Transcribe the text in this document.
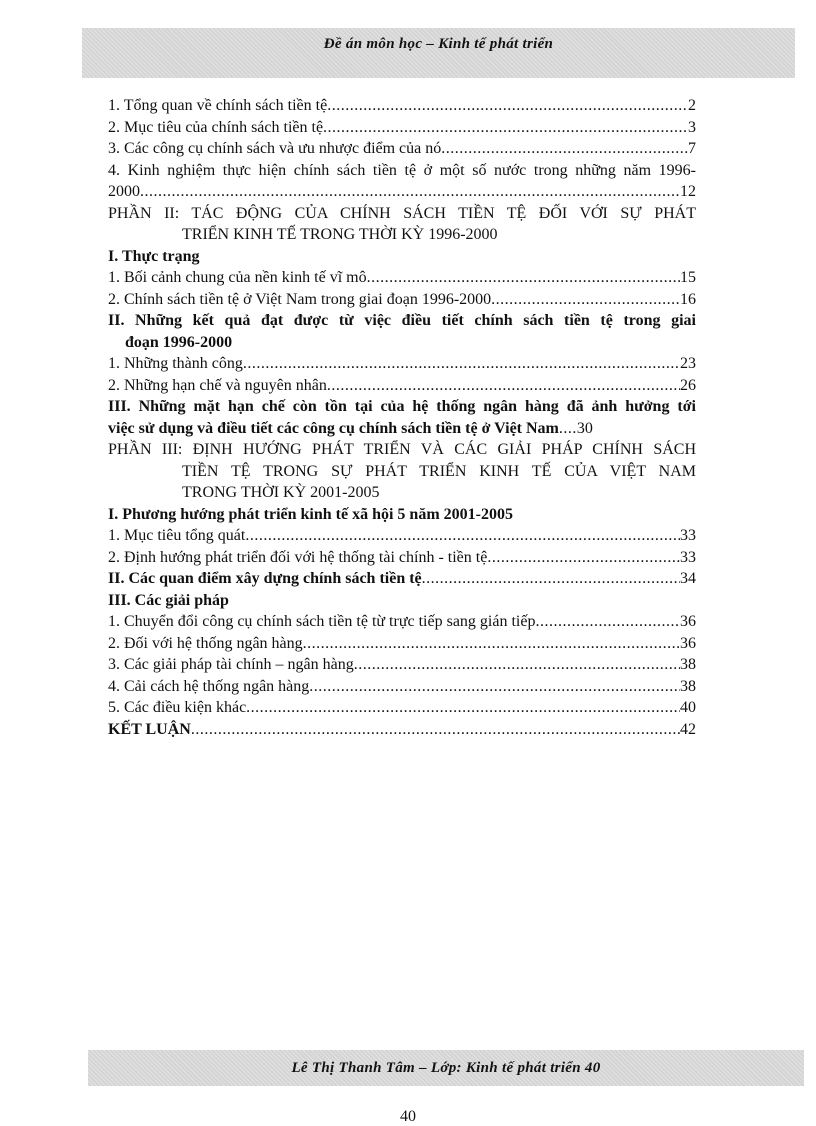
Đề án môn học – Kinh tế phát triển
1. Tổng quan về chính sách tiền tệ .....	2
2. Mục tiêu của chính sách tiền tệ .....	3
3. Các công cụ chính sách và ưu nhược điểm của nó .....	7
4. Kinh nghiệm thực hiện chính sách tiền tệ ở một số nước trong những năm 1996-
2000 .....	12
PHẦN II: TÁC ĐỘNG CỦA CHÍNH SÁCH TIỀN TỆ ĐỐI VỚI SỰ PHÁT
TRIỂN KINH TẾ TRONG THỜI KỲ 1996-2000
I. Thực trạng
1. Bối cảnh chung của nền kinh tế vĩ mô .....	15
2. Chính sách tiền tệ ở Việt Nam trong giai đoạn 1996-2000 .....	16
II. Những kết quả đạt được từ việc điều tiết chính sách tiền tệ trong giai
đoạn 1996-2000
1. Những thành công .....	23
2. Những hạn chế và nguyên nhân .....	26
III. Những mặt hạn chế còn tồn tại của hệ thống ngân hàng đã ảnh hưởng tới
việc sử dụng và điều tiết các công cụ chính sách tiền tệ ở Việt Nam ..... 30
PHẦN III: ĐỊNH HƯỚNG PHÁT TRIỂN VÀ CÁC GIẢI PHÁP CHÍNH SÁCH
TIỀN TỆ TRONG SỰ PHÁT TRIỂN KINH TẾ CỦA VIỆT NAM
TRONG THỜI KỲ 2001-2005
I. Phương hướng phát triển kinh tế xã hội 5 năm 2001-2005
1. Mục tiêu tổng quát .....	33
2. Định hướng phát triển đối với hệ thống tài chính - tiền tệ .....	33
II. Các quan điểm xây dựng chính sách tiền tệ .....	34
III. Các giải pháp
1. Chuyển đổi công cụ chính sách tiền tệ từ trực tiếp sang gián tiếp .....	36
2. Đối với hệ thống ngân hàng .....	36
3. Các giải pháp tài chính – ngân hàng .....	38
4. Cải cách hệ thống ngân hàng .....	38
5. Các điều kiện khác .....	40
KẾT LUẬN .....	42
Lê Thị Thanh Tâm – Lớp: Kinh tế phát triển 40
40
